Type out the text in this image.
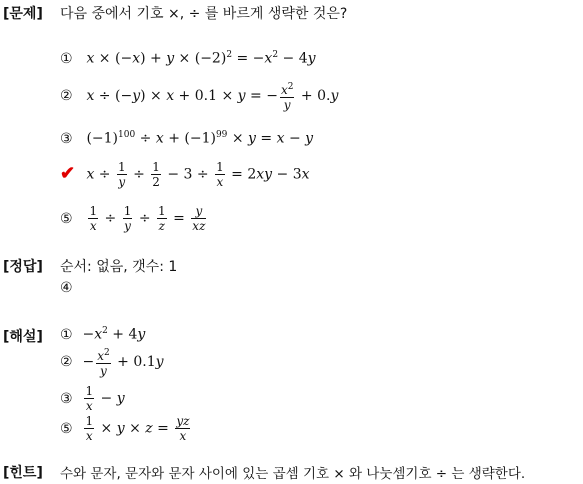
[문제] 다음 중에서 기호 ×, ÷ 를 바르게 생략한 것은?
① $x \times (-x) + y \times (-2)^2 = -x^2 - 4y$
② x ÷ (−y) × x + 0.1 × y = − $\frac{x^2}{y} + 0.y$
③ $(-1)^{100} \div x + (-1)^{99} \times y = x - y$
✔ $x \div \frac{1}{y} \div \frac{1}{2} - 3 \div \frac{1}{x} = 2xy - 3x$
⑤ $\frac{1}{x} \div \frac{1}{y} \div \frac{1}{z} = \frac{y}{xz}$
[정답] 순서: 없음, 갯수: 1
④
[해설] ① $-x^2 + 4y$
② − $\frac{x^2}{y} + 0.1y$
③ $\frac{1}{x} - y$
⑤ $\frac{1}{x} \times y \times z = \frac{yz}{x}$
[힌트] 수와 문자, 문자와 문자 사이에 있는 곱셈 기호 × 와 나눗셈기호 ÷ 는 생략한다.
